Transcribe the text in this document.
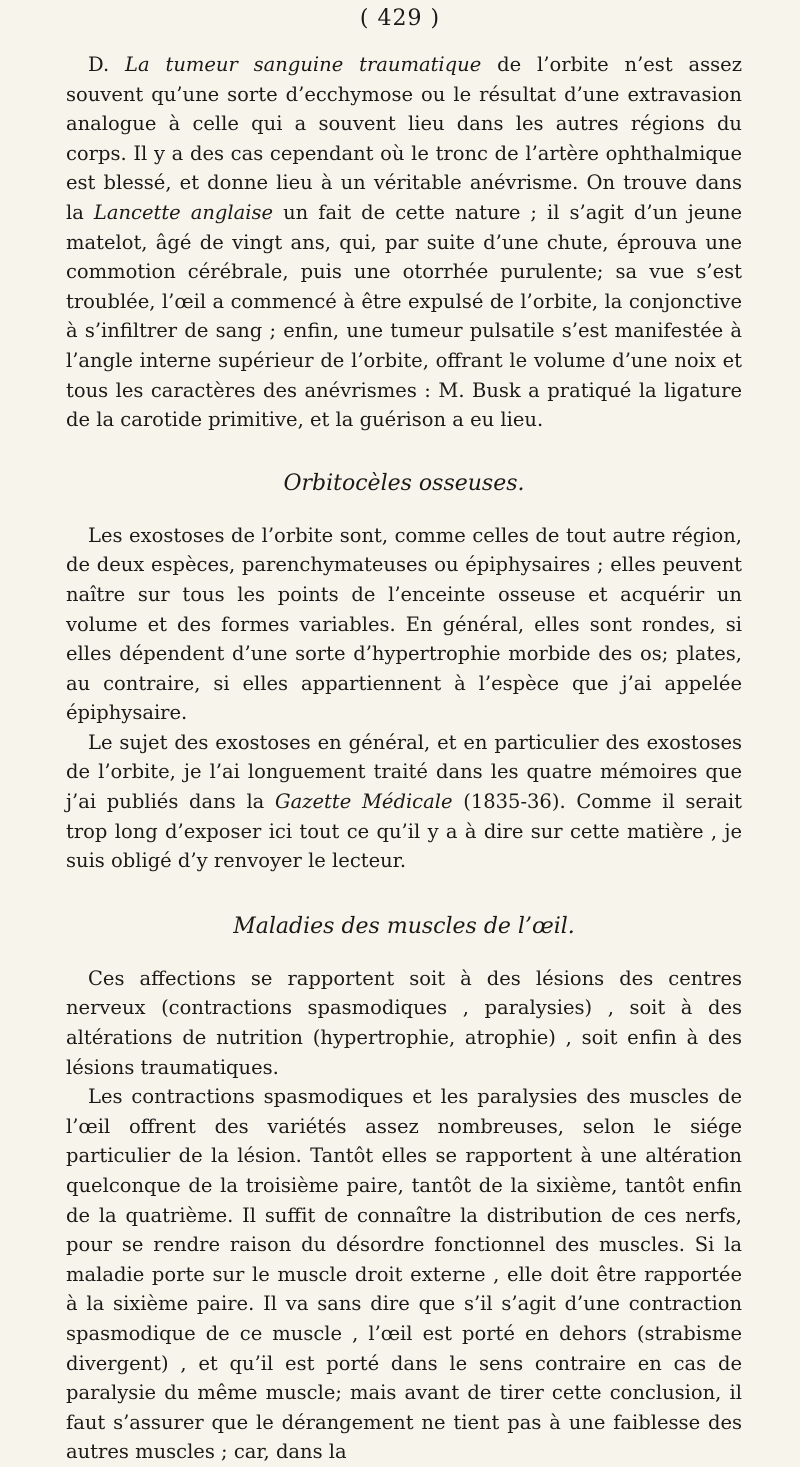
( 429 )

D. La tumeur sanguine traumatique de l’orbite n’est assez souvent qu’une sorte d’ecchymose ou le résultat d’une extravasion analogue à celle qui a souvent lieu dans les autres régions du corps. Il y a des cas cependant où le tronc de l’artère ophthalmique est blessé, et donne lieu à un véritable anévrisme. On trouve dans la Lancette anglaise un fait de cette nature ; il s’agit d’un jeune matelot, âgé de vingt ans, qui, par suite d’une chute, éprouva une commotion cérébrale, puis une otorrhée purulente; sa vue s’est troublée, l’œil a commencé à être expulsé de l’orbite, la conjonctive à s’infiltrer de sang ; enfin, une tumeur pulsatile s’est manifestée à l’angle interne supérieur de l’orbite, offrant le volume d’une noix et tous les caractères des anévrismes : M. Busk a pratiqué la ligature de la carotide primitive, et la guérison a eu lieu.

Orbitocèles osseuses.

Les exostoses de l’orbite sont, comme celles de tout autre région, de deux espèces, parenchymateuses ou épiphysaires ; elles peuvent naître sur tous les points de l’enceinte osseuse et acquérir un volume et des formes variables. En général, elles sont rondes, si elles dépendent d’une sorte d’hypertrophie morbide des os; plates, au contraire, si elles appartiennent à l’espèce que j’ai appelée épiphysaire.

Le sujet des exostoses en général, et en particulier des exostoses de l’orbite, je l’ai longuement traité dans les quatre mémoires que j’ai publiés dans la Gazette Médicale (1835-36). Comme il serait trop long d’exposer ici tout ce qu’il y a à dire sur cette matière , je suis obligé d’y renvoyer le lecteur.

Maladies des muscles de l’œil.

Ces affections se rapportent soit à des lésions des centres nerveux (contractions spasmodiques , paralysies) , soit à des altérations de nutrition (hypertrophie, atrophie) , soit enfin à des lésions traumatiques.

Les contractions spasmodiques et les paralysies des muscles de l’œil offrent des variétés assez nombreuses, selon le siége particulier de la lésion. Tantôt elles se rapportent à une altération quelconque de la troisième paire, tantôt de la sixième, tantôt enfin de la quatrième. Il suffit de connaître la distribution de ces nerfs, pour se rendre raison du désordre fonctionnel des muscles. Si la maladie porte sur le muscle droit externe , elle doit être rapportée à la sixième paire. Il va sans dire que s’il s’agit d’une contraction spasmodique de ce muscle , l’œil est porté en dehors (strabisme divergent) , et qu’il est porté dans le sens contraire en cas de paralysie du même muscle; mais avant de tirer cette conclusion, il faut s’assurer que le dérangement ne tient pas à une faiblesse des autres muscles ; car, dans la
